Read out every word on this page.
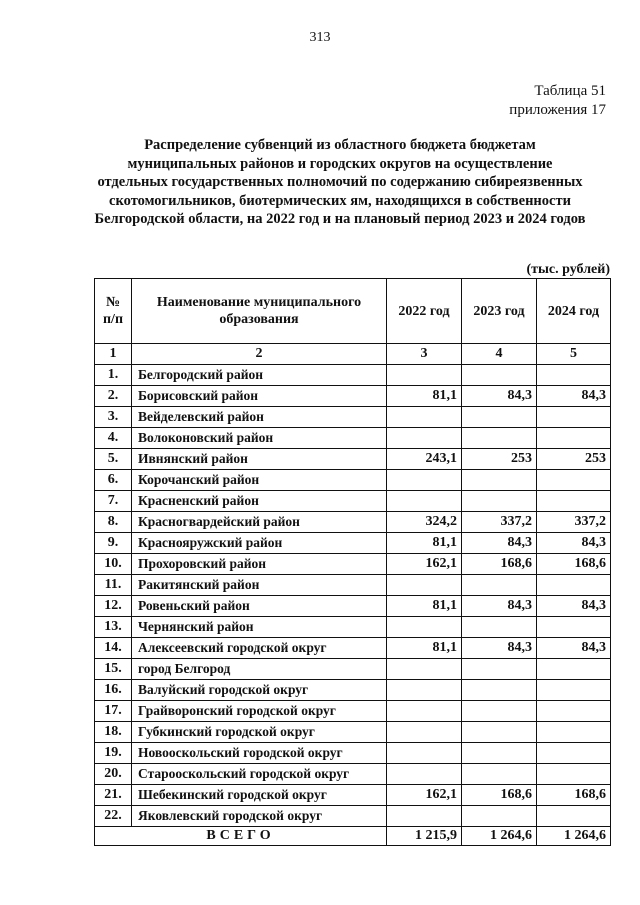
313
Таблица 51
приложения 17
Распределение субвенций из областного бюджета бюджетам
муниципальных районов и городских округов на осуществление
отдельных государственных полномочий по содержанию сибиреязвенных
скотомогильников, биотермических ям, находящихся в собственности
Белгородской области, на 2022 год и на плановый период 2023 и 2024 годов
(тыс. рублей)
№
п/п	Наименование муниципального образования	2022 год	2023 год	2024 год
1	2	3	4	5
1.	Белгородский район			
2.	Борисовский район	81,1	84,3	84,3
3.	Вейделевский район			
4.	Волоконовский район			
5.	Ивнянский район	243,1	253	253
6.	Корочанский район			
7.	Красненский район			
8.	Красногвардейский район	324,2	337,2	337,2
9.	Краснояружский район	81,1	84,3	84,3
10.	Прохоровский район	162,1	168,6	168,6
11.	Ракитянский район			
12.	Ровеньский район	81,1	84,3	84,3
13.	Чернянский район			
14.	Алексеевский городской округ	81,1	84,3	84,3
15.	город Белгород			
16.	Валуйский городской округ			
17.	Грайворонский городской округ			
18.	Губкинский городской округ			
19.	Новооскольский городской округ			
20.	Старооскольский городской округ			
21.	Шебекинский городской округ	162,1	168,6	168,6
22.	Яковлевский городской округ			
ВСЕГО		1 215,9	1 264,6	1 264,6
